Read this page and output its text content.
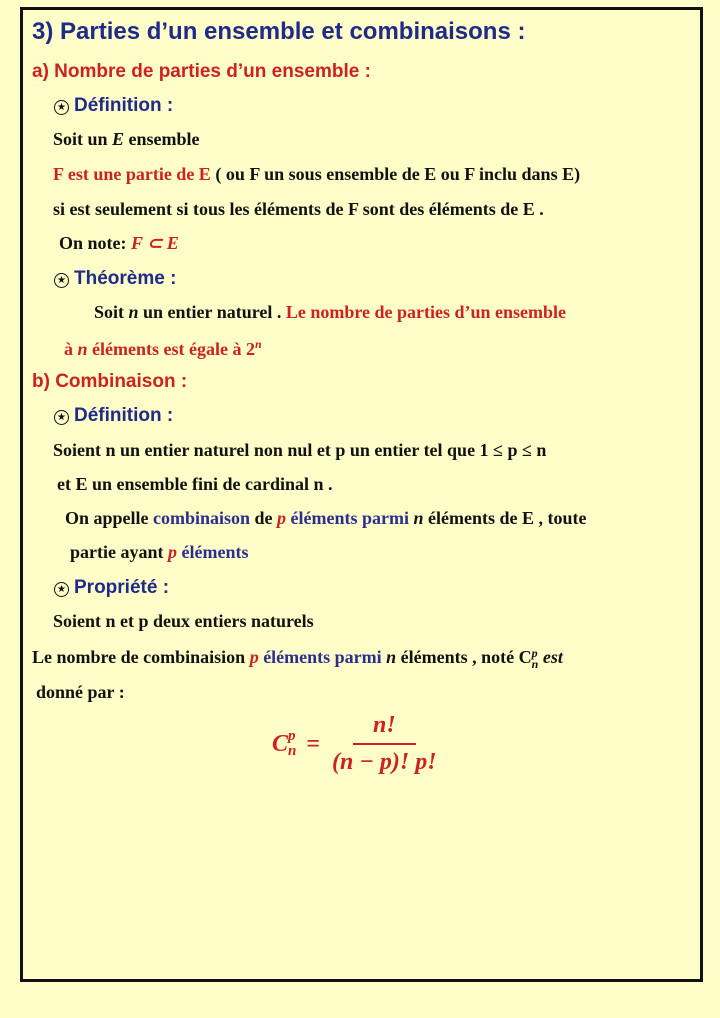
3) Parties d’un ensemble et combinaisons :
a) Nombre de parties d’un ensemble :
★ Définition :
Soit un E ensemble
F est une partie de E ( ou F un sous ensemble de E ou F inclu dans E)
si est seulement si tous les éléments de F sont des éléments de E .
On note: F ⊂ E
★ Théorème :
Soit n un entier naturel . Le nombre de parties d’un ensemble
à n éléments est égale à 2$^n$
b) Combinaison :
★ Définition :
Soient n un entier naturel non nul et p un entier tel que 1 ≤ p ≤ n
et E un ensemble fini de cardinal n .
On appelle combinaison de p éléments parmi n éléments de E , toute
partie ayant p éléments
★ Propriété :
Soient n et p deux entiers naturels
Le nombre de combinaision p éléments parmi n éléments , noté Cp
n est
donné par :
C p
$n = \frac{n!}{(n - p)! p!}$
